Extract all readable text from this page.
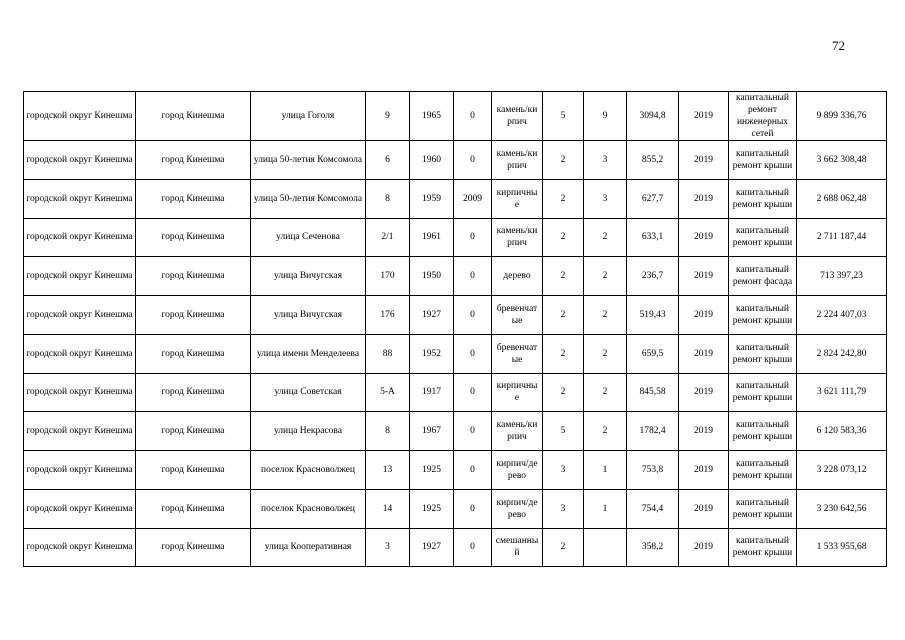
72
городской округ Кинешма	город Кинешма	улица Гоголя	9	1965	0	камень/ки рпич	5	9	3094,8	2019	капитальный ремонт инженерных сетей	9 899 336,76
городской округ Кинешма	город Кинешма	улица 50-летия Комсомола	6	1960	0	камень/ки рпич	2	3	855,2	2019	капитальный ремонт крыши	3 662 308,48
городской округ Кинешма	город Кинешма	улица 50-летия Комсомола	8	1959	2009	кирпичны е	2	3	627,7	2019	капитальный ремонт крыши	2 688 062,48
городской округ Кинешма	город Кинешма	улица Сеченова	2/1	1961	0	камень/ки рпич	2	2	633,1	2019	капитальный ремонт крыши	2 711 187,44
городской округ Кинешма	город Кинешма	улица Вичугская	170	1950	0	дерево	2	2	236,7	2019	капитальный ремонт фасада	713 397,23
городской округ Кинешма	город Кинешма	улица Вичугская	176	1927	0	бревенчат ые	2	2	519,43	2019	капитальный ремонт крыши	2 224 407,03
городской округ Кинешма	город Кинешма	улица имени Менделеева	88	1952	0	бревенчат ые	2	2	659,5	2019	капитальный ремонт крыши	2 824 242,80
городской округ Кинешма	город Кинешма	улица Советская	5-А	1917	0	кирпичны е	2	2	845,58	2019	капитальный ремонт крыши	3 621 111,79
городской округ Кинешма	город Кинешма	улица Некрасова	8	1967	0	камень/ки рпич	5	2	1782,4	2019	капитальный ремонт крыши	6 120 583,36
городской округ Кинешма	город Кинешма	поселок Красноволжец	13	1925	0	кирпич/де рево	3	1	753,8	2019	капитальный ремонт крыши	3 228 073,12
городской округ Кинешма	город Кинешма	поселок Красноволжец	14	1925	0	кирпич/де рево	3	1	754,4	2019	капитальный ремонт крыши	3 230 642,56
городской округ Кинешма	город Кинешма	улица Кооперативная	3	1927	0	смешанны й	2		358,2	2019	капитальный ремонт крыши	1 533 955,68
